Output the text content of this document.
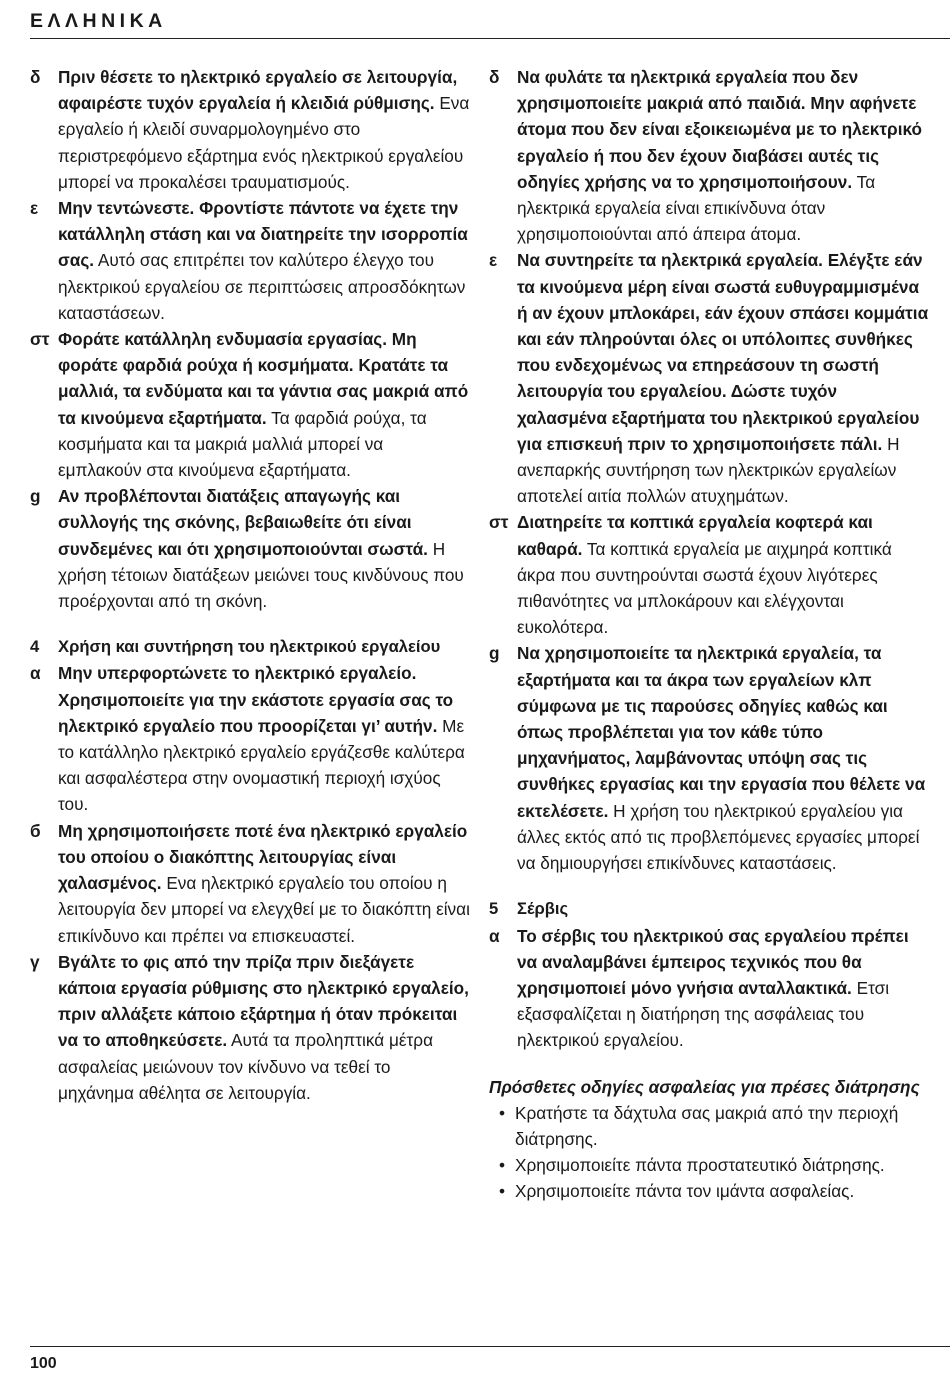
ΕΛΛΗΝΙΚΑ
δ Πριν θέσετε το ηλεκτρικό εργαλείο σε λειτουργία, αφαιρέστε τυχόν εργαλεία ή κλειδιά ρύθμισης. Ενα εργαλείο ή κλειδί συναρμολογημένο στο περιστρεφόμενο εξάρτημα ενός ηλεκτρικού εργαλείου μπορεί να προκαλέσει τραυματισμούς.
ε Μην τεντώνεστε. Φροντίστε πάντοτε να έχετε την κατάλληλη στάση και να διατηρείτε την ισορροπία σας. Αυτό σας επιτρέπει τον καλύτερο έλεγχο του ηλεκτρικού εργαλείου σε περιπτώσεις απροσδόκητων καταστάσεων.
στ Φοράτε κατάλληλη ενδυμασία εργασίας. Μη φοράτε φαρδιά ρούχα ή κοσμήματα. Κρατάτε τα μαλλιά, τα ενδύματα και τα γάντια σας μακριά από τα κινούμενα εξαρτήματα. Τα φαρδιά ρούχα, τα κοσμήματα και τα μακριά μαλλιά μπορεί να εμπλακούν στα κινούμενα εξαρτήματα.
g Αν προβλέπονται διατάξεις απαγωγής και συλλογής της σκόνης, βεβαιωθείτε ότι είναι συνδεμένες και ότι χρησιμοποιούνται σωστά. Η χρήση τέτοιων διατάξεων μειώνει τους κινδύνους που προέρχονται από τη σκόνη.
4 Χρήση και συντήρηση του ηλεκτρικού εργαλείου
α Μην υπερφορτώνετε το ηλεκτρικό εργαλείο. Χρησιμοποιείτε για την εκάστοτε εργασία σας το ηλεκτρικό εργαλείο που προορίζεται γι’ αυτήν. Με το κατάλληλο ηλεκτρικό εργαλείο εργάζεσθε καλύτερα και ασφαλέστερα στην ονομαστική περιοχή ισχύος του.
б Μη χρησιμοποιήσετε ποτέ ένα ηλεκτρικό εργαλείο του οποίου ο διακόπτης λειτουργίας είναι χαλασμένος. Ενα ηλεκτρικό εργαλείο του οποίου η λειτουργία δεν μπορεί να ελεγχθεί με το διακόπτη είναι επικίνδυνο και πρέπει να επισκευαστεί.
γ Βγάλτε το φις από την πρίζα πριν διεξάγετε κάποια εργασία ρύθμισης στο ηλεκτρικό εργαλείο, πριν αλλάξετε κάποιο εξάρτημα ή όταν πρόκειται να το αποθηκεύσετε. Αυτά τα προληπτικά μέτρα ασφαλείας μειώνουν τον κίνδυνο να τεθεί το μηχάνημα αθέλητα σε λειτουργία.
δ Να φυλάτε τα ηλεκτρικά εργαλεία που δεν χρησιμοποιείτε μακριά από παιδιά. Μην αφήνετε άτομα που δεν είναι εξοικειωμένα με το ηλεκτρικό εργαλείο ή που δεν έχουν διαβάσει αυτές τις οδηγίες χρήσης να το χρησιμοποιήσουν. Τα ηλεκτρικά εργαλεία είναι επικίνδυνα όταν χρησιμοποιούνται από άπειρα άτομα.
ε Να συντηρείτε τα ηλεκτρικά εργαλεία. Ελέγξτε εάν τα κινούμενα μέρη είναι σωστά ευθυγραμμισμένα ή αν έχουν μπλοκάρει, εάν έχουν σπάσει κομμάτια και εάν πληρούνται όλες οι υπόλοιπες συνθήκες που ενδεχομένως να επηρεάσουν τη σωστή λειτουργία του εργαλείου. Δώστε τυχόν χαλασμένα εξαρτήματα του ηλεκτρικού εργαλείου για επισκευή πριν το χρησιμοποιήσετε πάλι. Η ανεπαρκής συντήρηση των ηλεκτρικών εργαλείων αποτελεί αιτία πολλών ατυχημάτων.
στ Διατηρείτε τα κοπτικά εργαλεία κοφτερά και καθαρά. Τα κοπτικά εργαλεία με αιχμηρά κοπτικά άκρα που συντηρούνται σωστά έχουν λιγότερες πιθανότητες να μπλοκάρουν και ελέγχονται ευκολότερα.
g Να χρησιμοποιείτε τα ηλεκτρικά εργαλεία, τα εξαρτήματα και τα άκρα των εργαλείων κλπ σύμφωνα με τις παρούσες οδηγίες καθώς και όπως προβλέπεται για τον κάθε τύπο μηχανήματος, λαμβάνοντας υπόψη σας τις συνθήκες εργασίας και την εργασία που θέλετε να εκτελέσετε. Η χρήση του ηλεκτρικού εργαλείου για άλλες εκτός από τις προβλεπόμενες εργασίες μπορεί να δημιουργήσει επικίνδυνες καταστάσεις.
5 Σέρβις
α Το σέρβις του ηλεκτρικού σας εργαλείου πρέπει να αναλαμβάνει έμπειρος τεχνικός που θα χρησιμοποιεί μόνο γνήσια ανταλλακτικά. Ετσι εξασφαλίζεται η διατήρηση της ασφάλειας του ηλεκτρικού εργαλείου.
Πρόσθετες οδηγίες ασφαλείας για πρέσες διάτρησης
• Κρατήστε τα δάχτυλα σας μακριά από την περιοχή διάτρησης.
• Χρησιμοποιείτε πάντα προστατευτικό διάτρησης.
• Χρησιμοποιείτε πάντα τον ιμάντα ασφαλείας.
100
